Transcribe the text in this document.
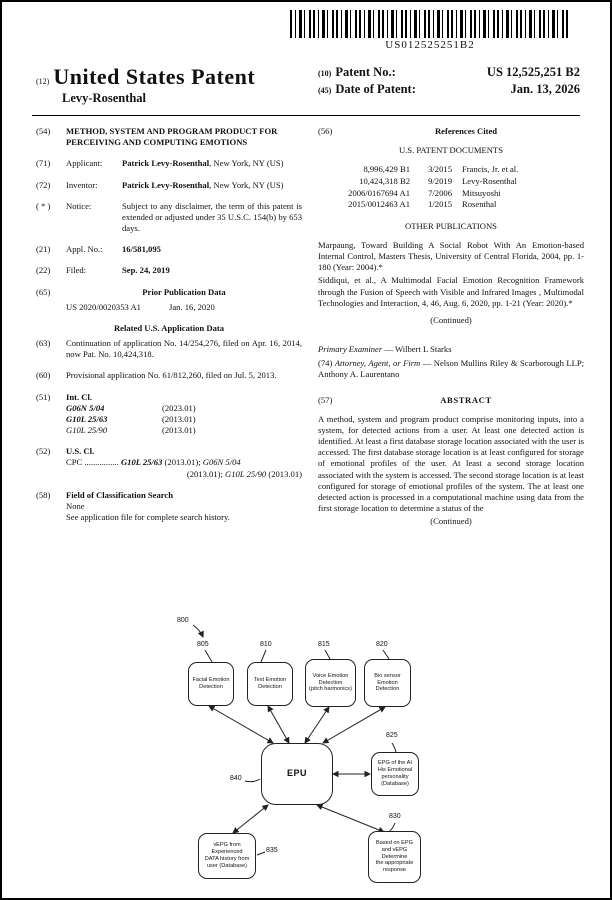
US012525251B2
(12) United States Patent
Levy-Rosenthal
(10) Patent No.:	US 12,525,251 B2
(45) Date of Patent:	Jan. 13, 2026
(54)	METHOD, SYSTEM AND PROGRAM PRODUCT FOR PERCEIVING AND COMPUTING EMOTIONS
(71)	Applicant:	Patrick Levy-Rosenthal, New York, NY (US)
(72)	Inventor:	Patrick Levy-Rosenthal, New York, NY (US)
( * )	Notice:	Subject to any disclaimer, the term of this patent is extended or adjusted under 35 U.S.C. 154(b) by 653 days.
(21)	Appl. No.:	16/581,095
(22)	Filed:	Sep. 24, 2019
(65)	Prior Publication Data
US 2020/0020353 A1	Jan. 16, 2020
Related U.S. Application Data
(63)	Continuation of application No. 14/254,276, filed on Apr. 16, 2014, now Pat. No. 10,424,318.
(60)	Provisional application No. 61/812,260, filed on Jul. 5, 2013.
(51)	Int. Cl.
G06N 5/04	(2023.01)
G10L 25/63	(2013.01)
G10L 25/90	(2013.01)
(52)	U.S. Cl.
CPC ................ G10L 25/63 (2013.01); G06N 5/04
(2013.01); G10L 25/90 (2013.01)
(58)	Field of Classification Search
None
See application file for complete search history.
(56)	References Cited
U.S. PATENT DOCUMENTS
8,996,429 B1	3/2015 Francis, Jr. et al.
10,424,318 B2	9/2019 Levy-Rosenthal
2006/0167694 A1	7/2006 Mitsuyoshi
2015/0012463 A1	1/2015 Rosenthal
OTHER PUBLICATIONS
Marpaung, Toward Building A Social Robot With An Emotion-based Internal Control, Masters Thesis, University of Central Florida, 2004, pp. 1-180 (Year: 2004).*
Siddiqui, et al., A Multimodal Facial Emotion Recognition Framework through the Fusion of Speech with Visible and Infrared Images , Multimodal Technologies and Interaction, 4, 46, Aug. 6, 2020, pp. 1-21 (Year: 2020).*
(Continued)
Primary Examiner — Wilbert L Starks
(74) Attorney, Agent, or Firm — Nelson Mullins Riley & Scarborough LLP; Anthony A. Laurentano
(57)	ABSTRACT
A method, system and program product comprise monitoring inputs, into a system, for detected actions from a user. At least one detected action is identified. At least a first database storage location associated with the user is accessed. The first database storage location is at least configured for storage of emotional profiles of the user. At least a second storage location associated with the system is accessed. The second storage location is at least configured for storage of emotional profiles of the system. The at least one detected action is processed in a computational machine using data from the first storage location to determine a status of the
(Continued)
800
805	810	815	820
825
840
835
830
Facial Emotion
Detection
Text Emotion
Detection
Voice Emotion
Detection
(pitch harmonics)
Bio sensor
Emotion
Detection
EPU
EPG of the AI
His Emotional
personality
(Database)
vEPG from
Experienced
DATA history from
user (Database)
Based on EPG
and vEPG
Determine
the appropriate
response
